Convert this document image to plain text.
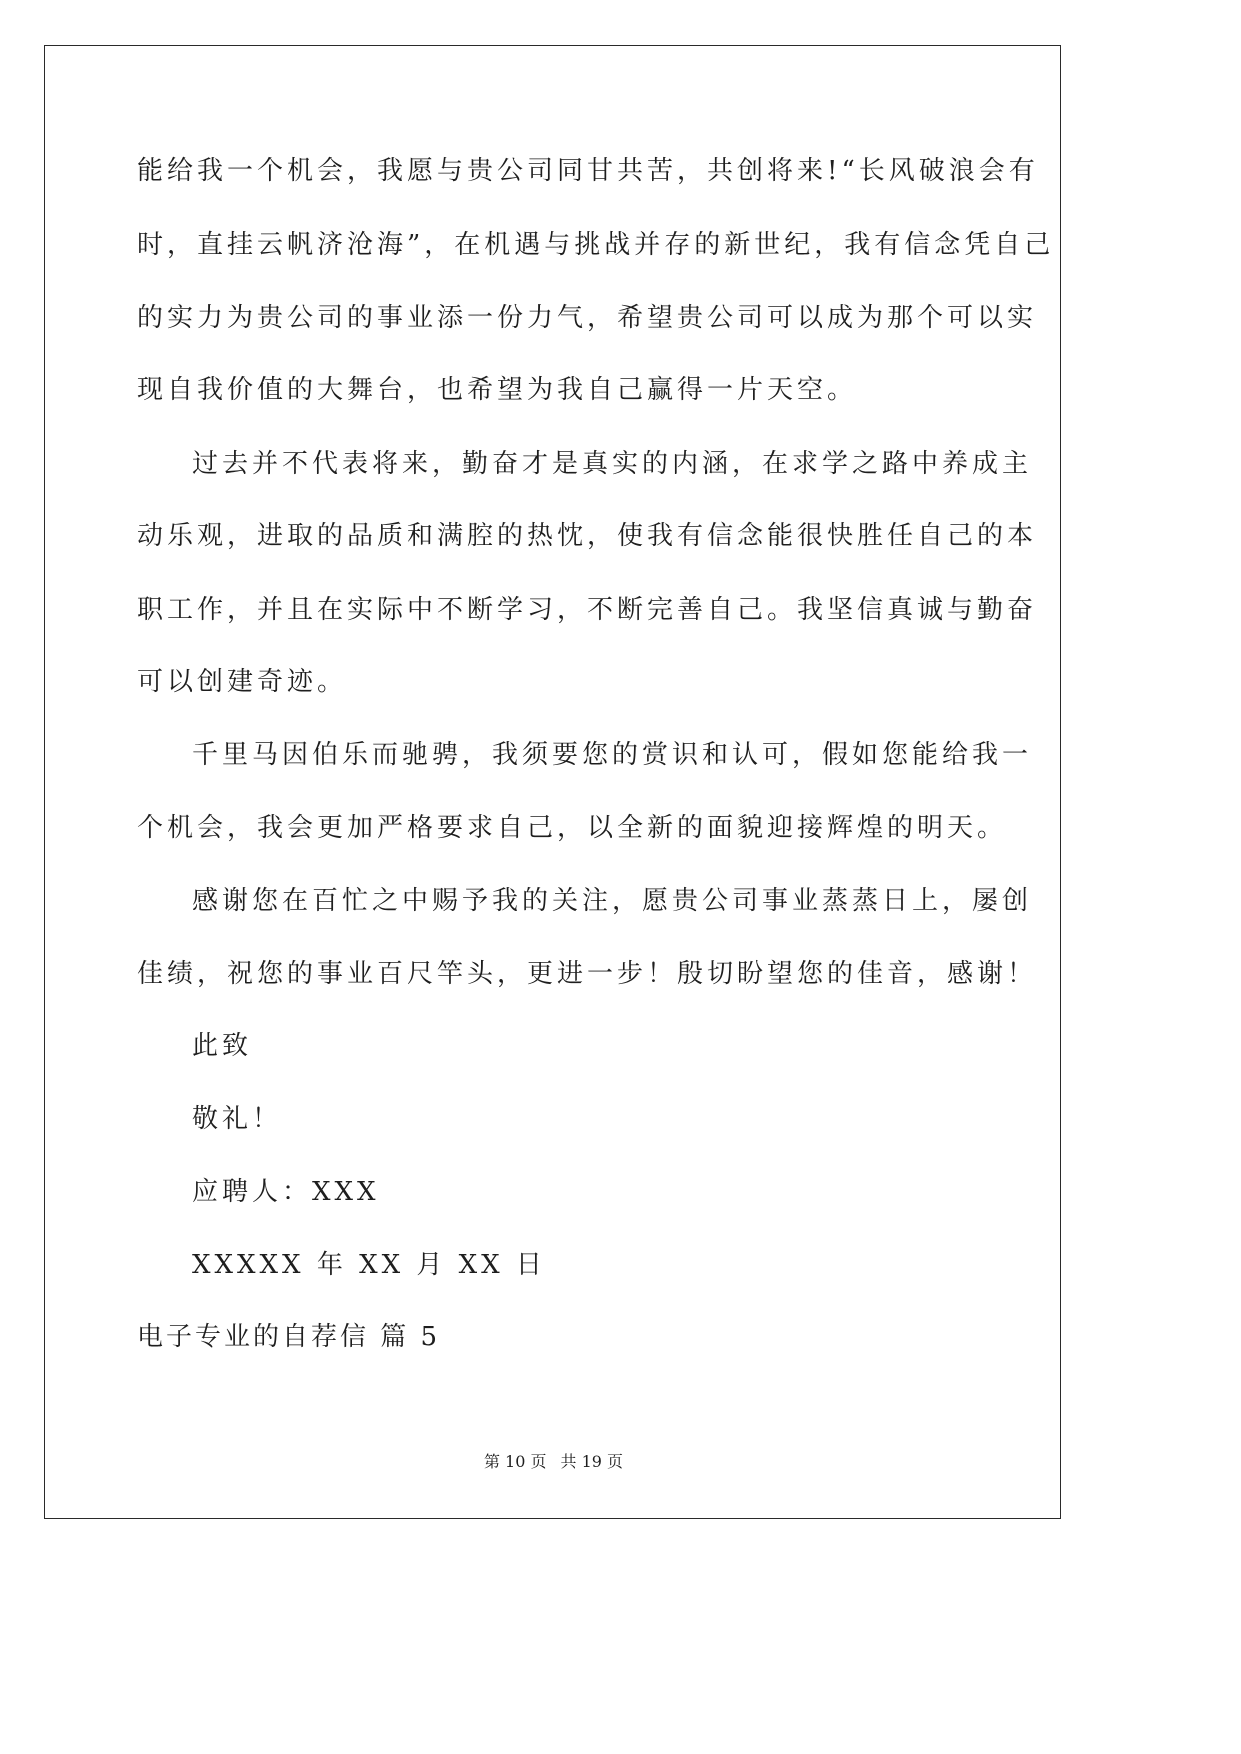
能给我一个机会，我愿与贵公司同甘共苦，共创将来!“长风破浪会有

时，直挂云帆济沧海”，在机遇与挑战并存的新世纪，我有信念凭自己

的实力为贵公司的事业添一份力气，希望贵公司可以成为那个可以实

现自我价值的大舞台，也希望为我自己赢得一片天空。

过去并不代表将来，勤奋才是真实的内涵，在求学之路中养成主

动乐观，进取的品质和满腔的热忱，使我有信念能很快胜任自己的本

职工作，并且在实际中不断学习，不断完善自己。我坚信真诚与勤奋

可以创建奇迹。

千里马因伯乐而驰骋，我须要您的赏识和认可，假如您能给我一

个机会，我会更加严格要求自己，以全新的面貌迎接辉煌的明天。

感谢您在百忙之中赐予我的关注，愿贵公司事业蒸蒸日上，屡创

佳绩，祝您的事业百尺竿头，更进一步！殷切盼望您的佳音，感谢！

此致

敬礼！

应聘人：XXX

XXXXX 年 XX 月 XX 日

电子专业的自荐信 篇 5

第 10 页 共 19 页
